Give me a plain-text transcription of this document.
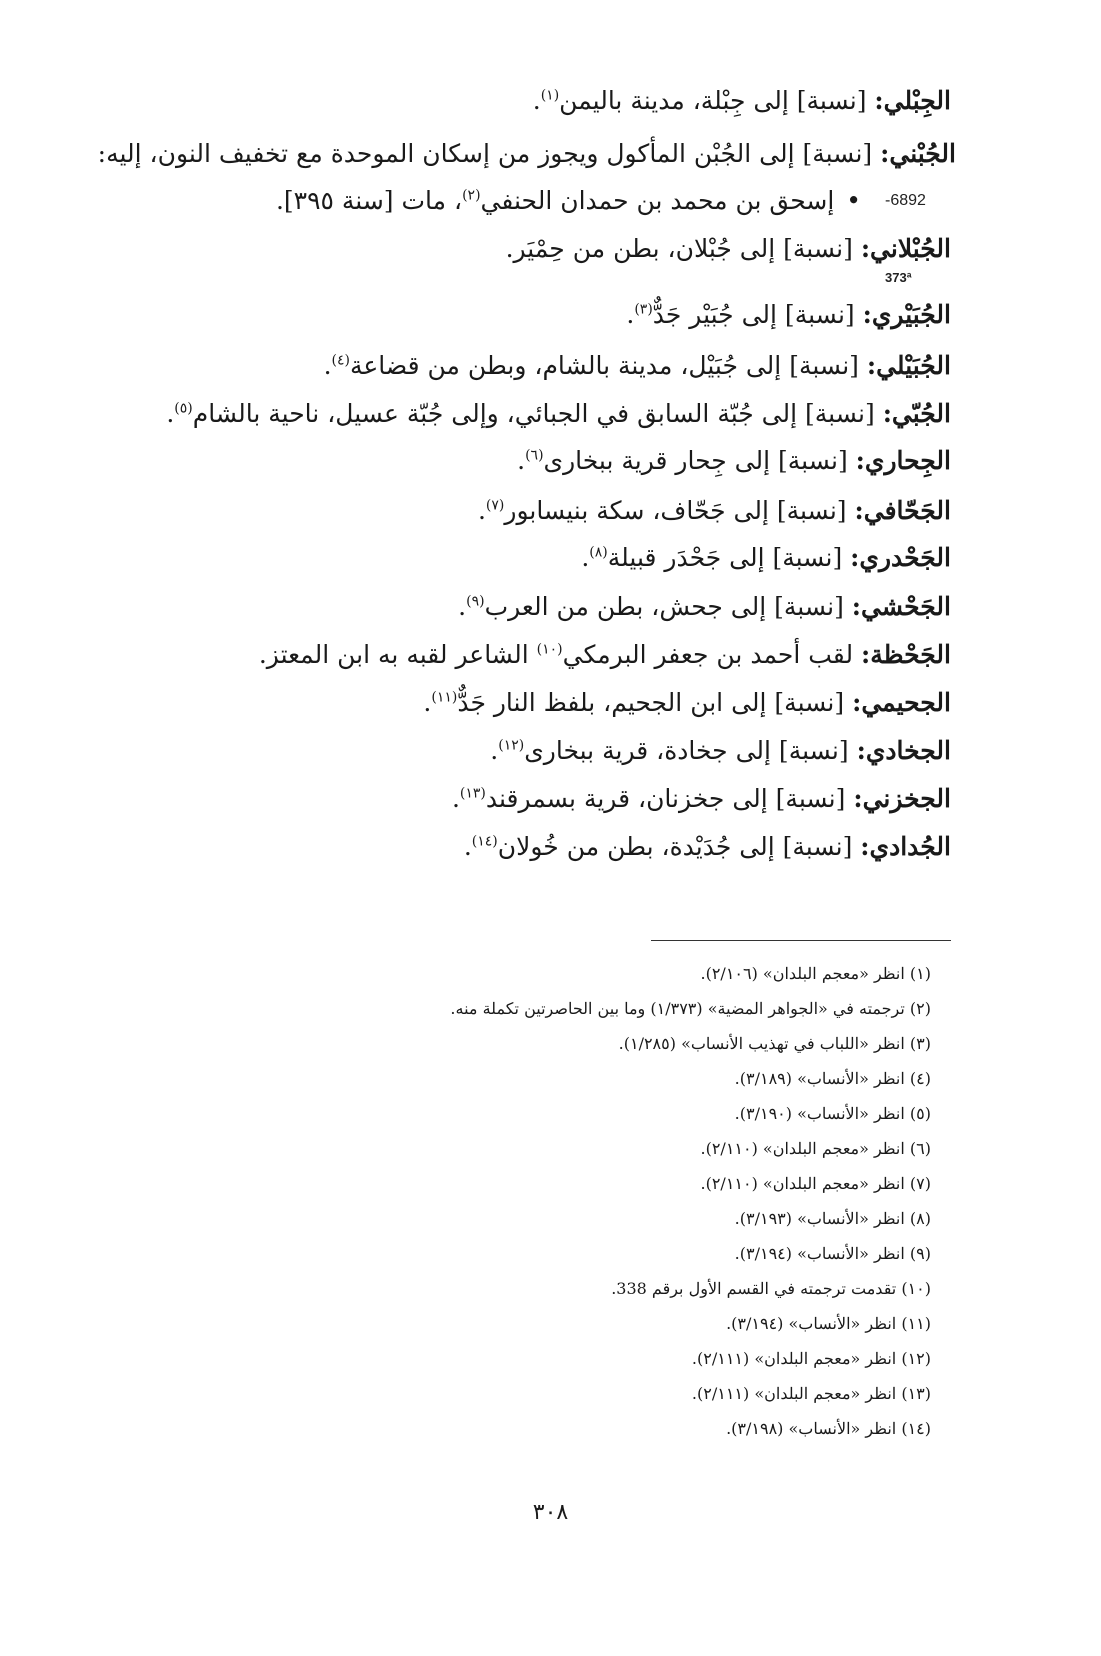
الجِبْلي: [نسبة] إلى جِبْلة، مدينة باليمن$^{(١)}$.
الجُبْني: [نسبة] إلى الجُبْن المأكول ويجوز من إسكان الموحدة مع تخفيف النون، إليه:
-6892
• إسحق بن محمد بن حمدان الحنفي$^{(٢)}$، مات [سنة ٣٩٥].
الجُبْلاني: [نسبة] إلى جُبْلان، بطن من حِمْيَر.
373ª
الجُبَيْري: [نسبة] إلى جُبَيْر جَدٌّ$^{(٣)}$.
الجُبَيْلي: [نسبة] إلى جُبَيْل، مدينة بالشام، وبطن من قضاعة$^{(٤)}$.
الجُبّي: [نسبة] إلى جُبّة السابق في الجبائي، وإلى جُبّة عسيل، ناحية بالشام$^{(٥)}$.
الجِحاري: [نسبة] إلى جِحار قرية ببخارى$^{(٦)}$.
الجَحّافي: [نسبة] إلى جَحّاف، سكة بنيسابور$^{(٧)}$.
الجَحْدري: [نسبة] إلى جَحْدَر قبيلة$^{(٨)}$.
الجَحْشي: [نسبة] إلى جحش، بطن من العرب$^{(٩)}$.
الجَحْظة: لقب أحمد بن جعفر البرمكي$^{(١٠)}$ الشاعر لقبه به ابن المعتز.
الجحيمي: [نسبة] إلى ابن الجحيم، بلفظ النار جَدٌّ$^{(١١)}$.
الجخادي: [نسبة] إلى جخادة، قرية ببخارى$^{(١٢)}$.
الجخزني: [نسبة] إلى جخزنان، قرية بسمرقند$^{(١٣)}$.
الجُدادي: [نسبة] إلى جُدَيْدة، بطن من خُولان$^{(١٤)}$.
(١) انظر «معجم البلدان» (٢/١٠٦).
(٢) ترجمته في «الجواهر المضية» (١/٣٧٣) وما بين الحاصرتين تكملة منه.
(٣) انظر «اللباب في تهذيب الأنساب» (١/٢٨٥).
(٤) انظر «الأنساب» (٣/١٨٩).
(٥) انظر «الأنساب» (٣/١٩٠).
(٦) انظر «معجم البلدان» (٢/١١٠).
(٧) انظر «معجم البلدان» (٢/١١٠).
(٨) انظر «الأنساب» (٣/١٩٣).
(٩) انظر «الأنساب» (٣/١٩٤).
(١٠) تقدمت ترجمته في القسم الأول برقم 338.
(١١) انظر «الأنساب» (٣/١٩٤).
(١٢) انظر «معجم البلدان» (٢/١١١).
(١٣) انظر «معجم البلدان» (٢/١١١).
(١٤) انظر «الأنساب» (٣/١٩٨).
٣٠٨
